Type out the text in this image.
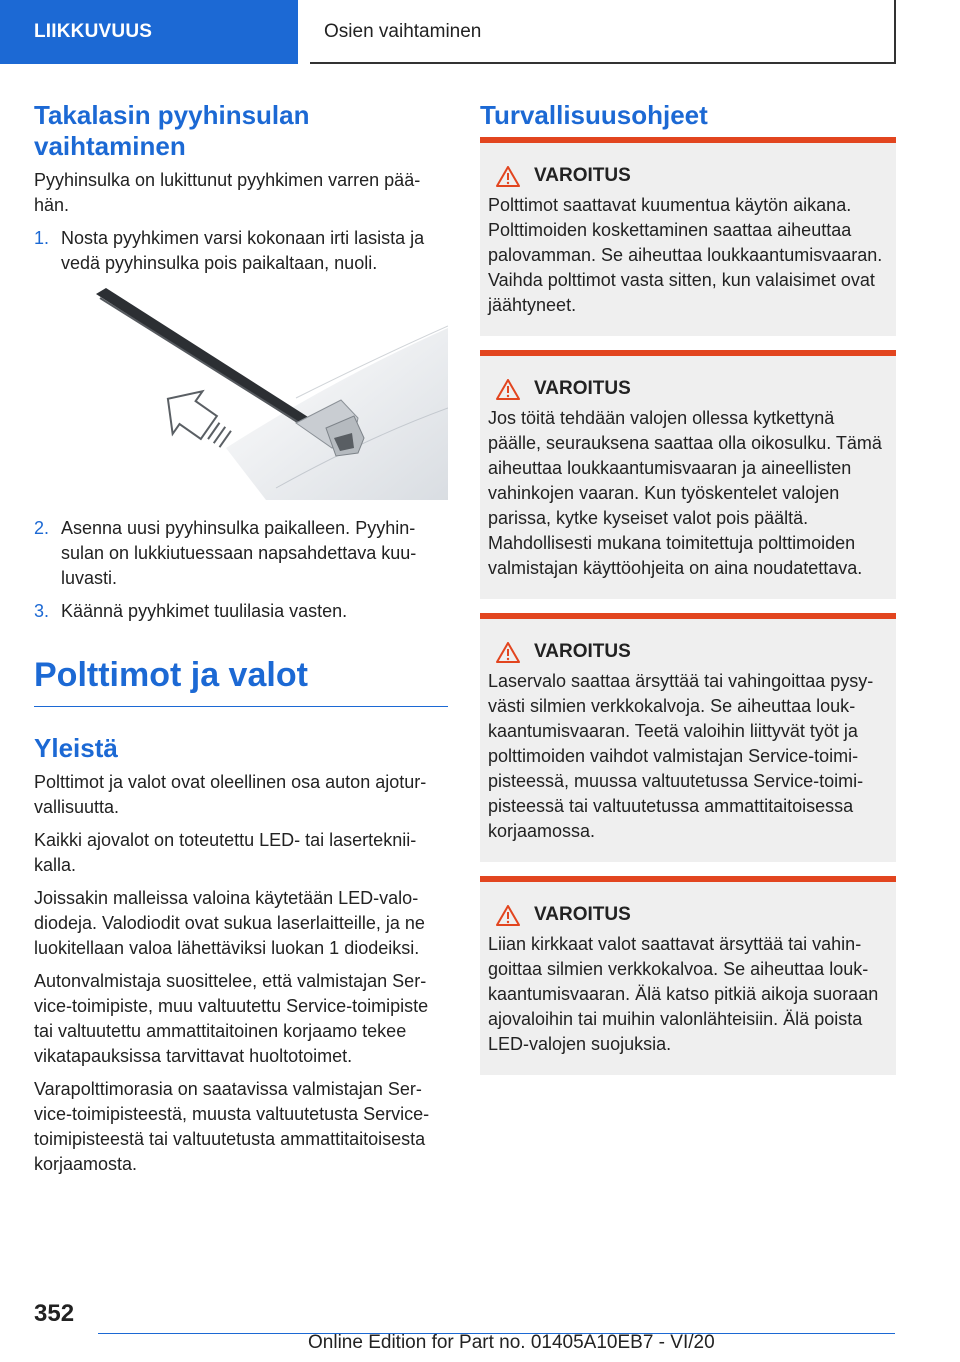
LIIKKUVUUS	Osien vaihtaminen
Takalasin pyyhinsulan vaihtaminen

Pyyhinsulka on lukittunut pyyhkimen varren päähän.

1. Nosta pyyhkimen varsi kokonaan irti lasista ja vedä pyyhinsulka pois paikaltaan, nuoli.
2. Asenna uusi pyyhinsulka paikalleen. Pyyhinsulan on lukkiutuessaan napsahdettava kuuluvasti.
3. Käännä pyyhkimet tuulilasia vasten.
Polttimot ja valot
Yleistä

Polttimot ja valot ovat oleellinen osa auton ajoturvallisuutta.

Kaikki ajovalot on toteutettu LED- tai lasertekniikalla.

Joissakin malleissa valoina käytetään LED-valodiodeja. Valodiodit ovat sukua laserlaitteille, ja ne luokitellaan valoa lähettäviksi luokan 1 diodeiksi.

Autonvalmistaja suosittelee, että valmistajan Service-toimipiste, muu valtuutettu Service-toimipiste tai valtuutettu ammattitaitoinen korjaamo tekee vikatapauksissa tarvittavat huoltotoimet.

Varapolttimorasia on saatavissa valmistajan Service-toimipisteestä, muusta valtuutetusta Service-toimipisteestä tai valtuutetusta ammattitaitoisesta korjaamosta.

Turvallisuusohjeet
VAROITUS

Polttimot saattavat kuumentua käytön aikana. Polttimoiden koskettaminen saattaa aiheuttaa palovamman. Se aiheuttaa loukkaantumisvaaran. Vaihda polttimot vasta sitten, kun valaisimet ovat jäähtyneet.

VAROITUS

Jos töitä tehdään valojen ollessa kytkettynä päälle, seurauksena saattaa olla oikosulku. Tämä aiheuttaa loukkaantumisvaaran ja aineellisten vahinkojen vaaran. Kun työskentelet valojen parissa, kytke kyseiset valot pois päältä. Mahdollisesti mukana toimitettuja polttimoiden valmistajan käyttöohjeita on aina noudatettava.

VAROITUS

Laservalo saattaa ärsyttää tai vahingoittaa pysyvästi silmien verkkokalvoja. Se aiheuttaa loukkaantumisvaaran. Teetä valoihin liittyvät työt ja polttimoiden vaihdot valmistajan Service-toimipisteessä, muussa valtuutetussa Service-toimipisteessä tai valtuutetussa ammattitaitoisessa korjaamossa.

VAROITUS

Liian kirkkaat valot saattavat ärsyttää tai vahingoittaa silmien verkkokalvoa. Se aiheuttaa loukkaantumisvaaran. Älä katso pitkiä aikoja suoraan ajovaloihin tai muihin valonlähteisiin. Älä poista LED-valojen suojuksia.

352
Online Edition for Part no. 01405A10EB7 - VI/20
